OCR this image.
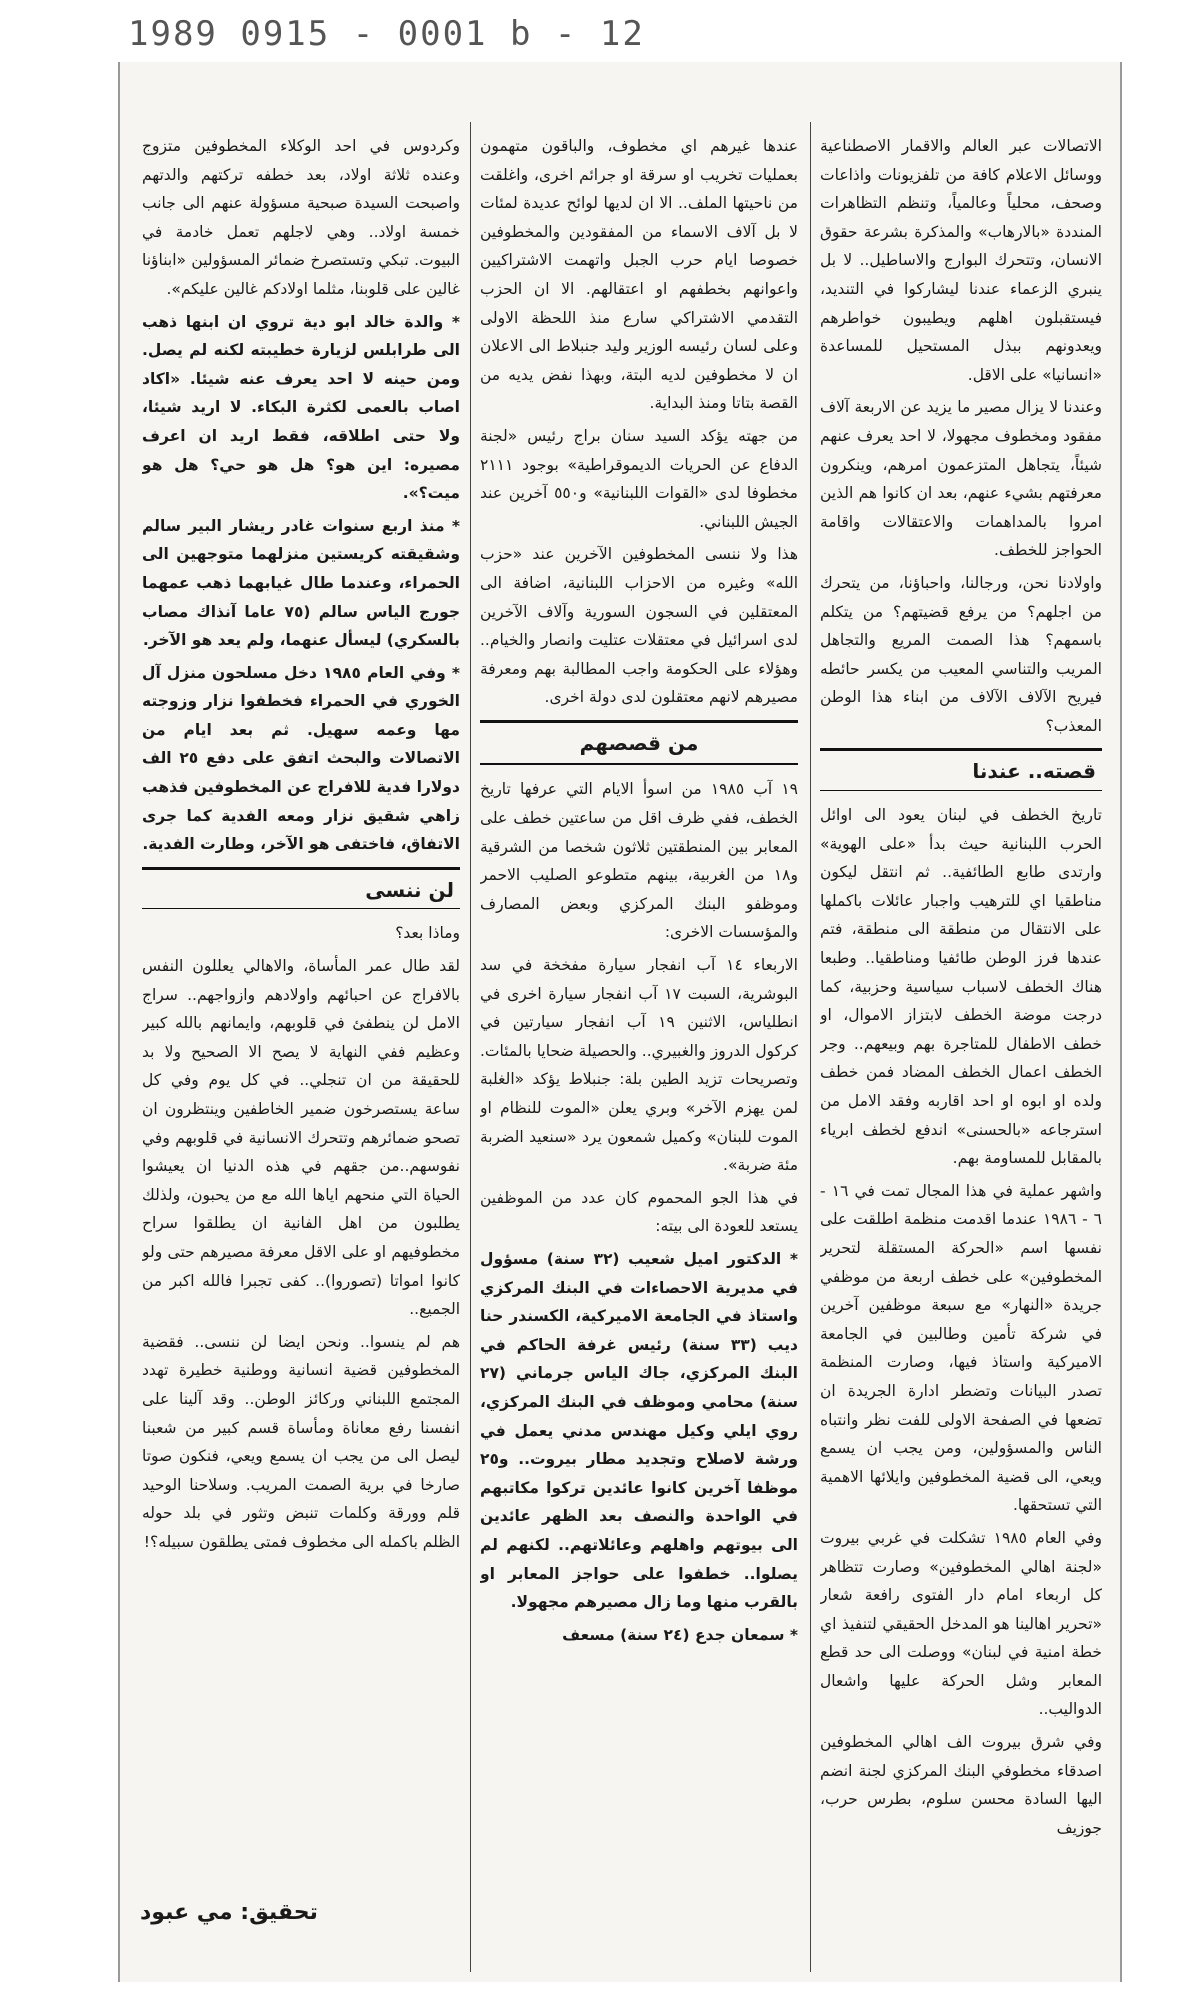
1989 0915 - 0001 b - 12

الاتصالات عبر العالم والاقمار الاصطناعية ووسائل الاعلام كافة من تلفزيونات واذاعات وصحف، محلياً وعالمياً، وتنظم التظاهرات المنددة «بالارهاب» والمذكرة بشرعة حقوق الانسان، وتتحرك البوارج والاساطيل.. لا بل ينبري الزعماء عندنا ليشاركوا في التنديد، فيستقبلون اهلهم ويطيبون خواطرهم ويعدونهم ببذل المستحيل للمساعدة «انسانيا» على الاقل.

وعندنا لا يزال مصير ما يزيد عن الاربعة آلاف مفقود ومخطوف مجهولا، لا احد يعرف عنهم شيئاً، يتجاهل المتزعمون امرهم، وينكرون معرفتهم بشيء عنهم، بعد ان كانوا هم الذين امروا بالمداهمات والاعتقالات واقامة الحواجز للخطف.

واولادنا نحن، ورجالنا، واحباؤنا، من يتحرك من اجلهم؟ من يرفع قضيتهم؟ من يتكلم باسمهم؟ هذا الصمت المريع والتجاهل المريب والتناسي المعيب من يكسر حائطه فيريح الآلاف الآلاف من ابناء هذا الوطن المعذب؟

قصته.. عندنا

تاريخ الخطف في لبنان يعود الى اوائل الحرب اللبنانية حيث بدأ «على الهوية» وارتدى طابع الطائفية.. ثم انتقل ليكون مناطقيا اي للترهيب واجبار عائلات باكملها على الانتقال من منطقة الى منطقة، فتم عندها فرز الوطن طائفيا ومناطقيا.. وطبعا هناك الخطف لاسباب سياسية وحزبية، كما درجت موضة الخطف لابتزاز الاموال، او خطف الاطفال للمتاجرة بهم وبيعهم.. وجر الخطف اعمال الخطف المضاد فمن خطف ولده او ابوه او احد اقاربه وفقد الامل من استرجاعه «بالحسنى» اندفع لخطف ابرياء بالمقابل للمساومة بهم.

واشهر عملية في هذا المجال تمت في ١٦ - ٦ - ١٩٨٦ عندما اقدمت منظمة اطلقت على نفسها اسم «الحركة المستقلة لتحرير المخطوفين» على خطف اربعة من موظفي جريدة «النهار» مع سبعة موظفين آخرين في شركة تأمين وطالبين في الجامعة الاميركية واستاذ فيها، وصارت المنظمة تصدر البيانات وتضطر ادارة الجريدة ان تضعها في الصفحة الاولى للفت نظر وانتباه الناس والمسؤولين، ومن يجب ان يسمع ويعي، الى قضية المخطوفين وايلائها الاهمية التي تستحقها.

وفي العام ١٩٨٥ تشكلت في غربي بيروت «لجنة اهالي المخطوفين» وصارت تتظاهر كل اربعاء امام دار الفتوى رافعة شعار «تحرير اهالينا هو المدخل الحقيقي لتنفيذ اي خطة امنية في لبنان» ووصلت الى حد قطع المعابر وشل الحركة عليها واشعال الدواليب..

وفي شرق بيروت الف اهالي المخطوفين اصدقاء مخطوفي البنك المركزي لجنة انضم اليها السادة محسن سلوم، بطرس حرب، جوزيف

عندها غيرهم اي مخطوف، والباقون متهمون بعمليات تخريب او سرقة او جرائم اخرى، واغلقت من ناحيتها الملف.. الا ان لديها لوائح عديدة لمئات لا بل آلاف الاسماء من المفقودين والمخطوفين خصوصا ايام حرب الجبل واتهمت الاشتراكيين واعوانهم بخطفهم او اعتقالهم. الا ان الحزب التقدمي الاشتراكي سارع منذ اللحظة الاولى وعلى لسان رئيسه الوزير وليد جنبلاط الى الاعلان ان لا مخطوفين لديه البتة، وبهذا نفض يديه من القصة بتاتا ومنذ البداية.

من جهته يؤكد السيد سنان براج رئيس «لجنة الدفاع عن الحريات الديموقراطية» بوجود ٢١١١ مخطوفا لدى «القوات اللبنانية» و٥٥٠ آخرين عند الجيش اللبناني.

هذا ولا ننسى المخطوفين الآخرين عند «حزب الله» وغيره من الاحزاب اللبنانية، اضافة الى المعتقلين في السجون السورية وآلاف الآخرين لدى اسرائيل في معتقلات عتليت وانصار والخيام.. وهؤلاء على الحكومة واجب المطالبة بهم ومعرفة مصيرهم لانهم معتقلون لدى دولة اخرى.

من قصصهم

١٩ آب ١٩٨٥ من اسوأ الايام التي عرفها تاريخ الخطف، ففي ظرف اقل من ساعتين خطف على المعابر بين المنطقتين ثلاثون شخصا من الشرقية و١٨ من الغربية، بينهم متطوعو الصليب الاحمر وموظفو البنك المركزي وبعض المصارف والمؤسسات الاخرى:

الاربعاء ١٤ آب انفجار سيارة مفخخة في سد البوشرية، السبت ١٧ آب انفجار سيارة اخرى في انطلياس، الاثنين ١٩ آب انفجار سيارتين في كركول الدروز والغبيري.. والحصيلة ضحايا بالمئات. وتصريحات تزيد الطين بلة: جنبلاط يؤكد «الغلبة لمن يهزم الآخر» وبري يعلن «الموت للنظام او الموت للبنان» وكميل شمعون يرد «سنعيد الضربة مئة ضربة».

في هذا الجو المحموم كان عدد من الموظفين يستعد للعودة الى بيته:

* الدكتور اميل شعيب (٣٢ سنة) مسؤول في مديرية الاحصاءات في البنك المركزي واستاذ في الجامعة الاميركية، الكسندر حنا ديب (٣٣ سنة) رئيس غرفة الحاكم في البنك المركزي، جاك الياس جرماني (٢٧ سنة) محامي وموظف في البنك المركزي، روي ايلي وكيل مهندس مدني يعمل في ورشة لاصلاح وتجديد مطار بيروت.. و٢٥ موظفا آخرين كانوا عائدين تركوا مكاتبهم في الواحدة والنصف بعد الظهر عائدين الى بيوتهم واهلهم وعائلاتهم.. لكنهم لم يصلوا.. خطفوا على حواجز المعابر او بالقرب منها وما زال مصيرهم مجهولا.

* سمعان جدع (٢٤ سنة) مسعف

وكردوس في احد الوكلاء المخطوفين متزوج وعنده ثلاثة اولاد، بعد خطفه تركتهم والدتهم واصبحت السيدة صبحية مسؤولة عنهم الى جانب خمسة اولاد.. وهي لاجلهم تعمل خادمة في البيوت. تبكي وتستصرخ ضمائر المسؤولين «ابناؤنا غالين على قلوبنا، مثلما اولادكم غالين عليكم».

* والدة خالد ابو دية تروي ان ابنها ذهب الى طرابلس لزيارة خطيبته لكنه لم يصل. ومن حينه لا احد يعرف عنه شيئا. «اكاد اصاب بالعمى لكثرة البكاء. لا اريد شيئا، ولا حتى اطلاقه، فقط اريد ان اعرف مصيره: اين هو؟ هل هو حي؟ هل هو ميت؟».

* منذ اربع سنوات غادر ريشار البير سالم وشقيقته كريستين منزلهما متوجهين الى الحمراء، وعندما طال غيابهما ذهب عمهما جورج الياس سالم (٧٥ عاما آنذاك مصاب بالسكري) ليسأل عنهما، ولم يعد هو الآخر.

* وفي العام ١٩٨٥ دخل مسلحون منزل آل الخوري في الحمراء فخطفوا نزار وزوجته مها وعمه سهيل. ثم بعد ايام من الاتصالات والبحث اتفق على دفع ٢٥ الف دولارا فدية للافراج عن المخطوفين فذهب زاهي شقيق نزار ومعه الفدية كما جرى الاتفاق، فاختفى هو الآخر، وطارت الفدية.

لن ننسى

وماذا بعد؟

لقد طال عمر المأساة، والاهالي يعللون النفس بالافراج عن احبائهم واولادهم وازواجهم.. سراج الامل لن ينطفئ في قلوبهم، وايمانهم بالله كبير وعظيم ففي النهاية لا يصح الا الصحيح ولا بد للحقيقة من ان تنجلي.. في كل يوم وفي كل ساعة يستصرخون ضمير الخاطفين وينتظرون ان تصحو ضمائرهم وتتحرك الانسانية في قلوبهم وفي نفوسهم..من جقهم في هذه الدنيا ان يعيشوا الحياة التي منحهم اياها الله مع من يحبون، ولذلك يطلبون من اهل الفانية ان يطلقوا سراح مخطوفيهم او على الاقل معرفة مصيرهم حتى ولو كانوا امواتا (تصوروا).. كفى تجبرا فالله اكبر من الجميع..

هم لم ينسوا.. ونحن ايضا لن ننسى.. فقضية المخطوفين قضية انسانية ووطنية خطيرة تهدد المجتمع اللبناني وركائز الوطن.. وقد آلينا على انفسنا رفع معاناة ومأساة قسم كبير من شعبنا ليصل الى من يجب ان يسمع ويعي، فنكون صوتا صارخا في برية الصمت المريب. وسلاحنا الوحيد قلم وورقة وكلمات تنبض وتثور في بلد حوله الظلم باكمله الى مخطوف فمتى يطلقون سبيله؟!

تحقيق: مي عبود
